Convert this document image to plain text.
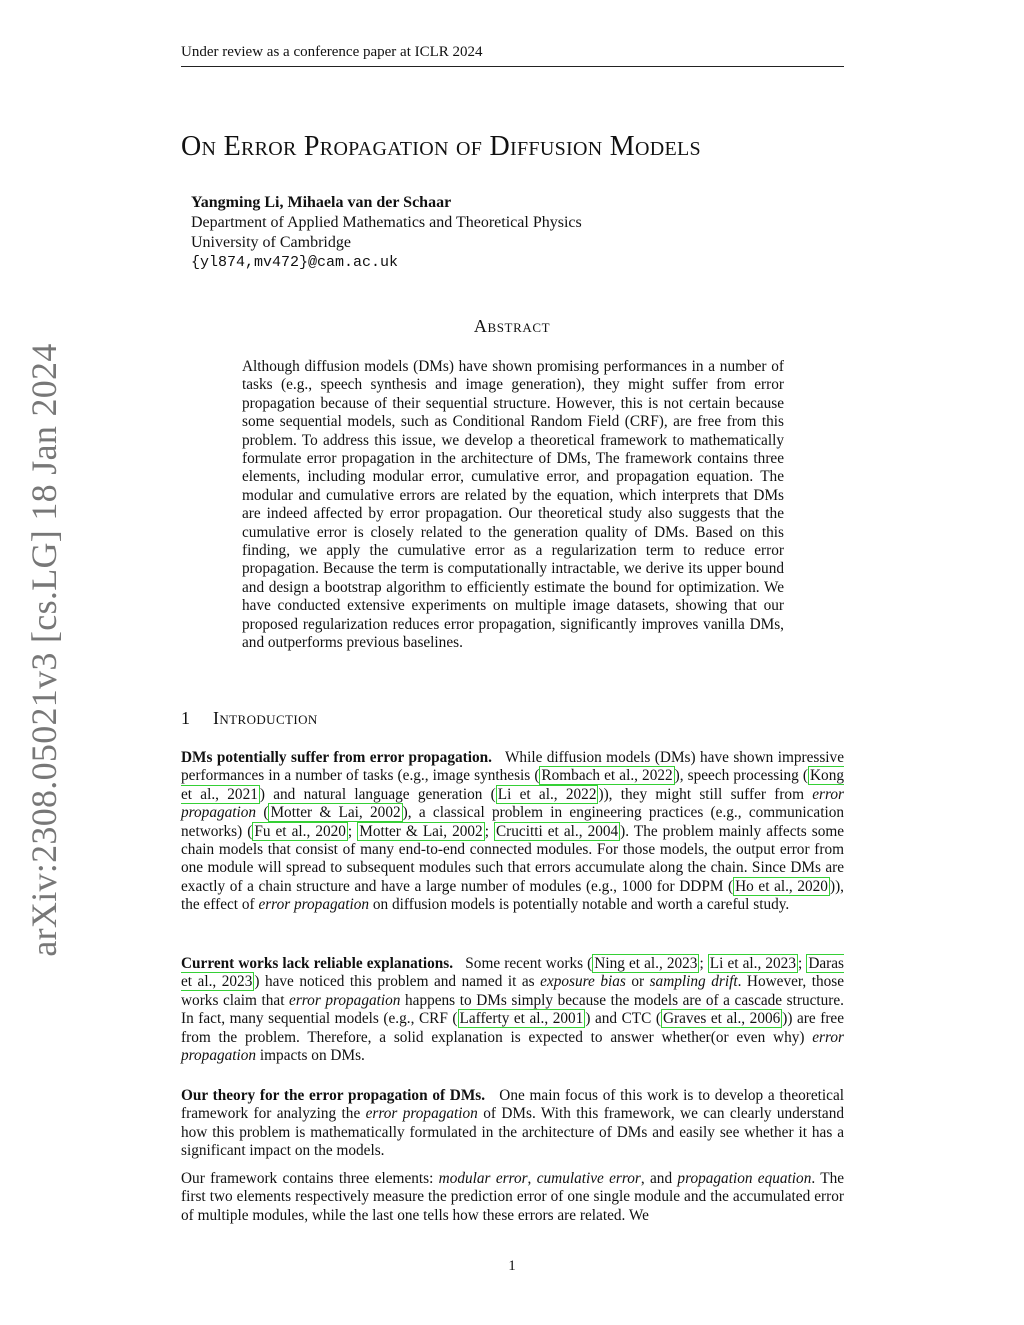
Under review as a conference paper at ICLR 2024
arXiv:2308.05021v3 [cs.LG] 18 Jan 2024
On Error Propagation of Diffusion Models
Yangming Li, Mihaela van der Schaar
Department of Applied Mathematics and Theoretical Physics
University of Cambridge
{yl874,mv472}@cam.ac.uk
Abstract
Although diffusion models (DMs) have shown promising performances in a number of tasks (e.g., speech synthesis and image generation), they might suffer from error propagation because of their sequential structure. However, this is not certain because some sequential models, such as Conditional Random Field (CRF), are free from this problem. To address this issue, we develop a theoretical framework to mathematically formulate error propagation in the architecture of DMs, The framework contains three elements, including modular error, cumulative error, and propagation equation. The modular and cumulative errors are related by the equation, which interprets that DMs are indeed affected by error propagation. Our theoretical study also suggests that the cumulative error is closely related to the generation quality of DMs. Based on this finding, we apply the cumulative error as a regularization term to reduce error propagation. Because the term is computationally intractable, we derive its upper bound and design a bootstrap algorithm to efficiently estimate the bound for optimization. We have conducted extensive experiments on multiple image datasets, showing that our proposed regularization reduces error propagation, significantly improves vanilla DMs, and outperforms previous baselines.
1 Introduction
DMs potentially suffer from error propagation.   While diffusion models (DMs) have shown impressive performances in a number of tasks (e.g., image synthesis ( Rombach et al., 2022 ), speech processing ( Kong et al., 2021 ) and natural language generation ( Li et al., 2022 )), they might still suffer from error propagation ( Motter & Lai, 2002 ), a classical problem in engineering practices (e.g., communication networks) ( Fu et al., 2020 ; Motter & Lai, 2002 ; Crucitti et al., 2004 ). The problem mainly affects some chain models that consist of many end-to-end connected modules. For those models, the output error from one module will spread to subsequent modules such that errors accumulate along the chain. Since DMs are exactly of a chain structure and have a large number of modules (e.g., 1000 for DDPM ( Ho et al., 2020 )), the effect of error propagation on diffusion models is potentially notable and worth a careful study.
Current works lack reliable explanations.   Some recent works ( Ning et al., 2023 ; Li et al., 2023 ; Daras et al., 2023 ) have noticed this problem and named it as exposure bias or sampling drift. However, those works claim that error propagation happens to DMs simply because the models are of a cascade structure. In fact, many sequential models (e.g., CRF ( Lafferty et al., 2001 ) and CTC ( Graves et al., 2006 )) are free from the problem. Therefore, a solid explanation is expected to answer whether(or even why) error propagation impacts on DMs.
Our theory for the error propagation of DMs.   One main focus of this work is to develop a theoretical framework for analyzing the error propagation of DMs. With this framework, we can clearly understand how this problem is mathematically formulated in the architecture of DMs and easily see whether it has a significant impact on the models.
Our framework contains three elements: modular error, cumulative error, and propagation equation. The first two elements respectively measure the prediction error of one single module and the accumulated error of multiple modules, while the last one tells how these errors are related. We
1
